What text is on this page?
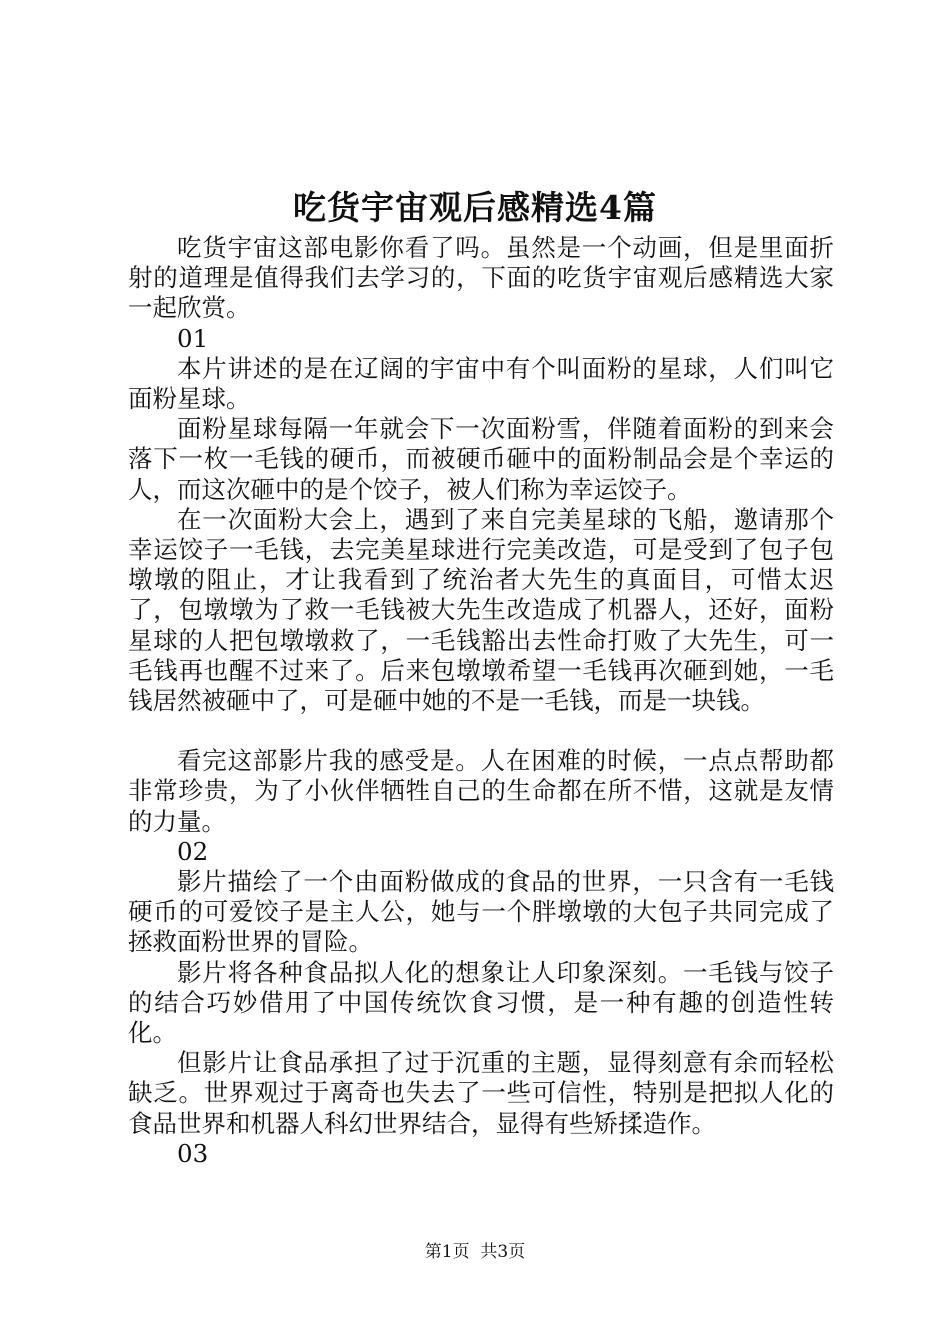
吃货宇宙观后感精选4篇

吃货宇宙这部电影你看了吗。虽然是一个动画，但是里面折射的道理是值得我们去学习的，下面的吃货宇宙观后感精选大家一起欣赏。

01

本片讲述的是在辽阔的宇宙中有个叫面粉的星球，人们叫它面粉星球。

面粉星球每隔一年就会下一次面粉雪，伴随着面粉的到来会落下一枚一毛钱的硬币，而被硬币砸中的面粉制品会是个幸运的人，而这次砸中的是个饺子，被人们称为幸运饺子。

在一次面粉大会上，遇到了来自完美星球的飞船，邀请那个幸运饺子一毛钱，去完美星球进行完美改造，可是受到了包子包墩墩的阻止，才让我看到了统治者大先生的真面目，可惜太迟了，包墩墩为了救一毛钱被大先生改造成了机器人，还好，面粉星球的人把包墩墩救了，一毛钱豁出去性命打败了大先生，可一毛钱再也醒不过来了。后来包墩墩希望一毛钱再次砸到她，一毛钱居然被砸中了，可是砸中她的不是一毛钱，而是一块钱。

看完这部影片我的感受是。人在困难的时候，一点点帮助都非常珍贵，为了小伙伴牺牲自己的生命都在所不惜，这就是友情的力量。

02

影片描绘了一个由面粉做成的食品的世界，一只含有一毛钱硬币的可爱饺子是主人公，她与一个胖墩墩的大包子共同完成了拯救面粉世界的冒险。

影片将各种食品拟人化的想象让人印象深刻。一毛钱与饺子的结合巧妙借用了中国传统饮食习惯，是一种有趣的创造性转化。

但影片让食品承担了过于沉重的主题，显得刻意有余而轻松缺乏。世界观过于离奇也失去了一些可信性，特别是把拟人化的食品世界和机器人科幻世界结合，显得有些矫揉造作。

03

第1页 共3页
